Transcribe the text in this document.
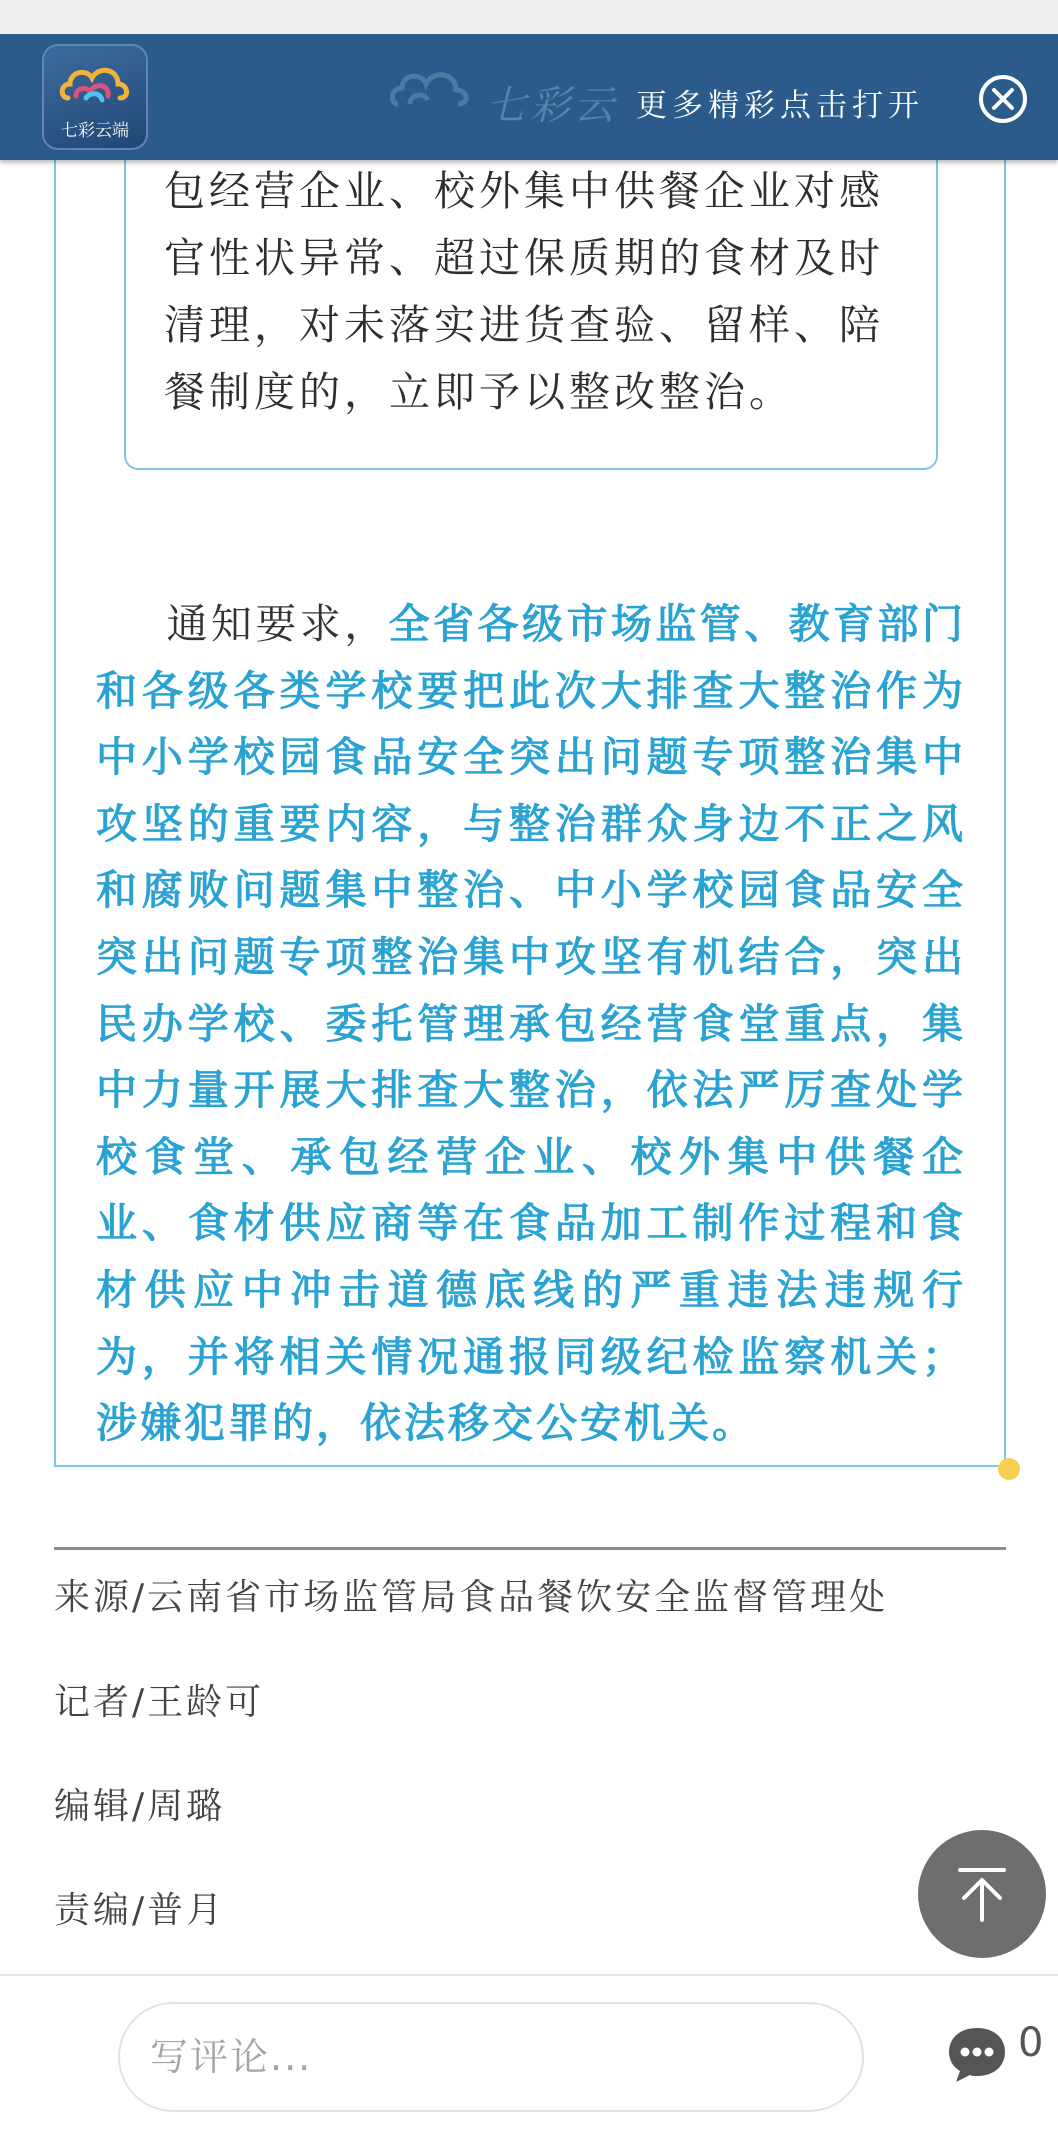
包经营企业、校外集中供餐企业对感官性状异常、超过保质期的食材及时清理，对未落实进货查验、留样、陪餐制度的，立即予以整改整治。
通知要求，全省各级市场监管、教育部门和各级各类学校要把此次大排查大整治作为中小学校园食品安全突出问题专项整治集中攻坚的重要内容，与整治群众身边不正之风和腐败问题集中整治、中小学校园食品安全突出问题专项整治集中攻坚有机结合，突出民办学校、委托管理承包经营食堂重点，集中力量开展大排查大整治，依法严厉查处学校食堂、承包经营企业、校外集中供餐企业、食材供应商等在食品加工制作过程和食材供应中冲击道德底线的严重违法违规行为，并将相关情况通报同级纪检监察机关；涉嫌犯罪的，依法移交公安机关。
来源/云南省市场监管局食品餐饮安全监督管理处
记者/王龄可
编辑/周璐
责编/普月
七彩云端
七彩云 更多精彩点击打开
写评论...	0
